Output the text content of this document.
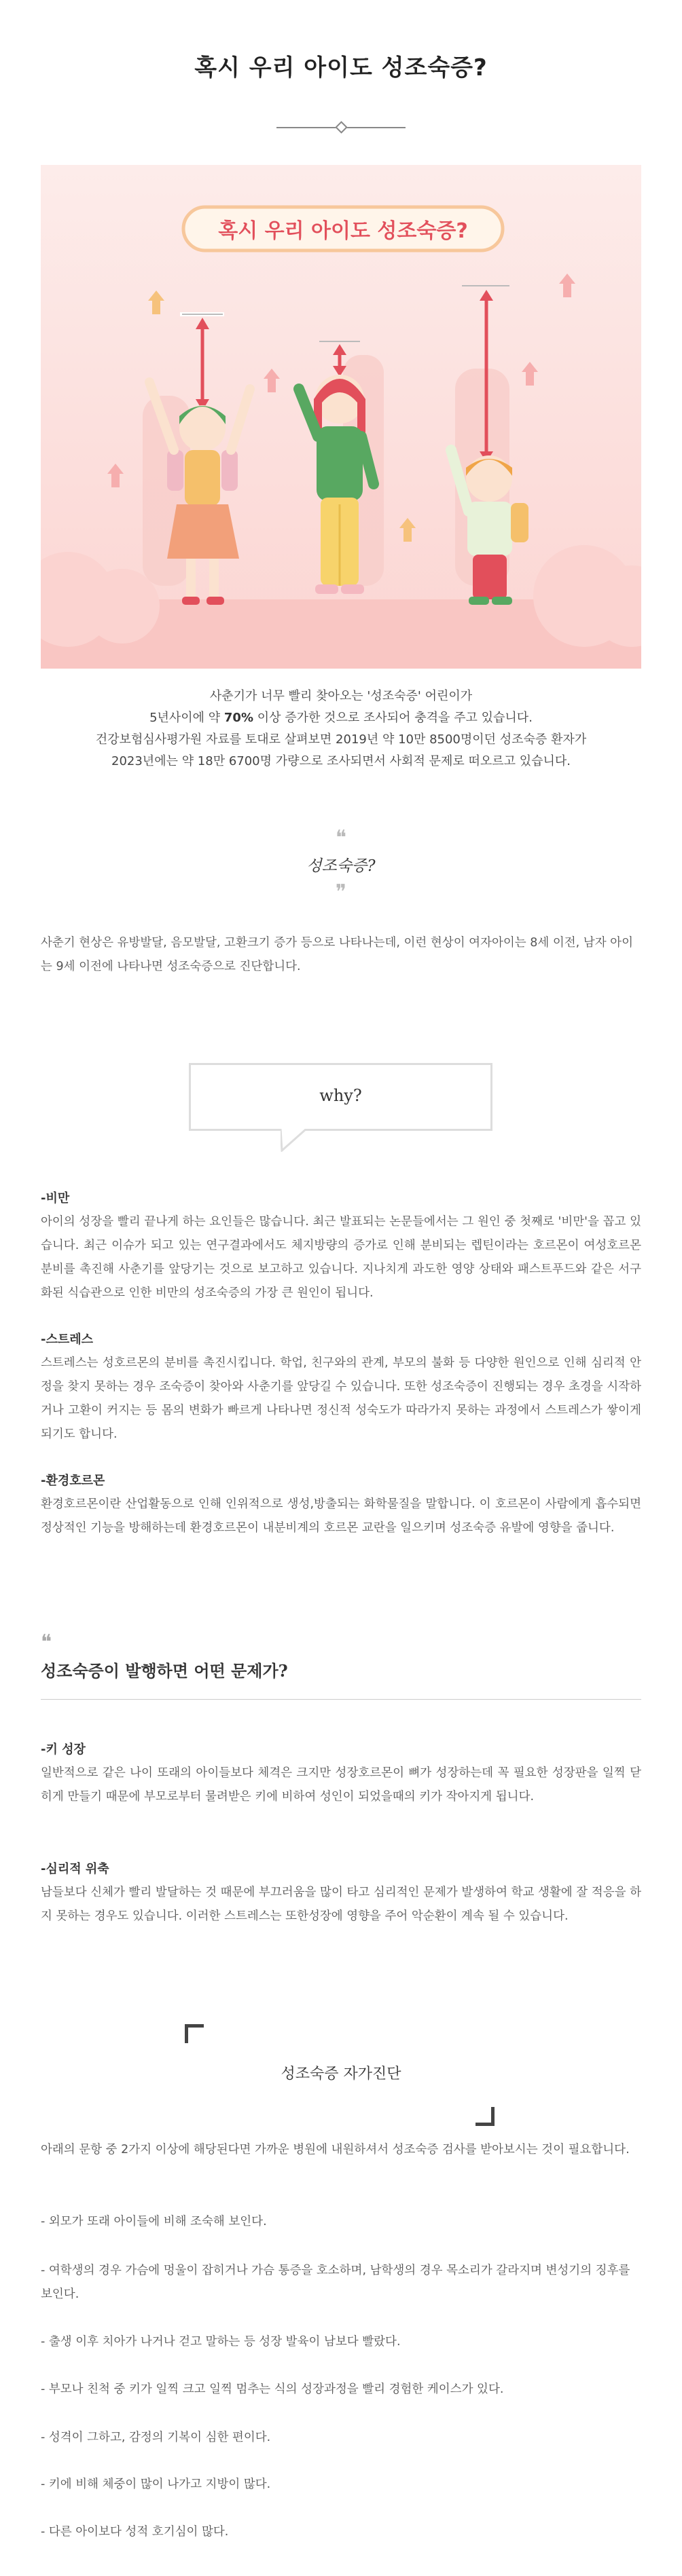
혹시 우리 아이도 성조숙증?
혹시 우리 아이도 성조숙증?

사춘기가 너무 빨리 찾아오는 '성조숙증' 어린이가

5년사이에 약 70% 이상 증가한 것으로 조사되어 충격을 주고 있습니다.

건강보험심사평가원 자료를 토대로 살펴보면 2019년 약 10만 8500명이던 성조숙증 환자가

2023년에는 약 18만 6700명 가량으로 조사되면서 사회적 문제로 떠오르고 있습니다.

❝
성조숙증?
❞

사춘기 현상은 유방발달, 음모발달, 고환크기 증가 등으로 나타나는데, 이런 현상이 여자아이는 8세 이전, 남자 아이는 9세 이전에 나타나면 성조숙증으로 진단합니다.

why?

-비만

아이의 성장을 빨리 끝나게 하는 요인들은 많습니다. 최근 발표되는 논문들에서는 그 원인 중 첫째로 '비만'을 꼽고 있습니다. 최근 이슈가 되고 있는 연구결과에서도 체지방량의 증가로 인해 분비되는 렙틴이라는 호르몬이 여성호르몬 분비를 촉진해 사춘기를 앞당기는 것으로 보고하고 있습니다. 지나치게 과도한 영양 상태와 패스트푸드와 같은 서구화된 식습관으로 인한 비만의 성조숙증의 가장 큰 원인이 됩니다.

-스트레스

스트레스는 성호르몬의 분비를 촉진시킵니다. 학업, 친구와의 관계, 부모의 불화 등 다양한 원인으로 인해 심리적 안정을 찾지 못하는 경우 조숙증이 찾아와 사춘기를 앞당길 수 있습니다. 또한 성조숙증이 진행되는 경우 초경을 시작하거나 고환이 커지는 등 몸의 변화가 빠르게 나타나면 정신적 성숙도가 따라가지 못하는 과정에서 스트레스가 쌓이게 되기도 합니다.

-환경호르몬

환경호르몬이란 산업활동으로 인해 인위적으로 생성,방출되는 화학물질을 말합니다. 이 호르몬이 사람에게 흡수되면 정상적인 기능을 방해하는데 환경호르몬이 내분비계의 호르몬 교란을 일으키며 성조숙증 유발에 영향을 줍니다.

❝
성조숙증이 발행하면 어떤 문제가?

-키 성장

일반적으로 같은 나이 또래의 아이들보다 체격은 크지만 성장호르몬이 뼈가 성장하는데 꼭 필요한 성장판을 일찍 닫히게 만들기 때문에 부모로부터 물려받은 키에 비하여 성인이 되었을때의 키가 작아지게 됩니다.

-심리적 위축

남들보다 신체가 빨리 발달하는 것 때문에 부끄러움을 많이 타고 심리적인 문제가 발생하여 학교 생활에 잘 적응을 하지 못하는 경우도 있습니다. 이러한 스트레스는 또한성장에 영향을 주어 악순환이 계속 될 수 있습니다.

성조숙증 자가진단

아래의 문항 중 2가지 이상에 해당된다면 가까운 병원에 내원하셔서 성조숙증 검사를 받아보시는 것이 필요합니다.

- 외모가 또래 아이들에 비해 조숙해 보인다.

- 여학생의 경우 가슴에 멍울이 잡히거나 가슴 통증을 호소하며, 남학생의 경우 목소리가 갈라지며 변성기의 징후를 보인다.

- 출생 이후 치아가 나거나 걷고 말하는 등 성장 발육이 남보다 빨랐다.

- 부모나 친척 중 키가 일찍 크고 일찍 멈추는 식의 성장과정을 빨리 경험한 케이스가 있다.

- 성격이 그하고, 감정의 기복이 심한 편이다.

- 키에 비해 체중이 많이 나가고 지방이 많다.

- 다른 아이보다 성적 호기심이 많다.
